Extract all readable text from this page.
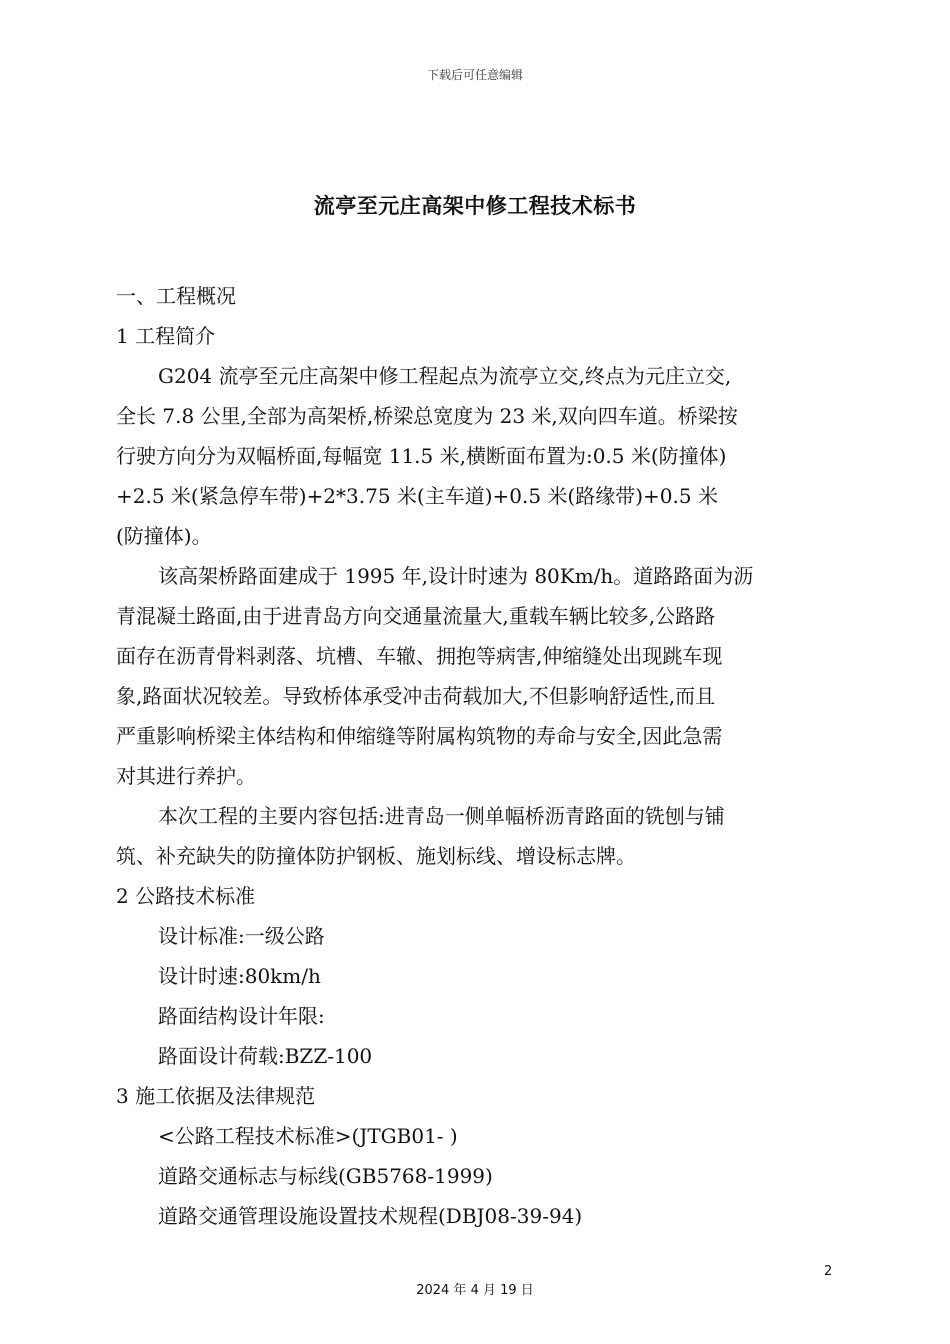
下载后可任意编辑
流亭至元庄高架中修工程技术标书
一、工程概况
1 工程简介
G204 流亭至元庄高架中修工程起点为流亭立交,终点为元庄立交,
全长 7.8 公里,全部为高架桥,桥梁总宽度为 23 米,双向四车道。桥梁按
行驶方向分为双幅桥面,每幅宽 11.5 米,横断面布置为:0.5 米(防撞体)
+2.5 米(紧急停车带)+2*3.75 米(主车道)+0.5 米(路缘带)+0.5 米
(防撞体)。
该高架桥路面建成于 1995 年,设计时速为 80Km/h。道路路面为沥
青混凝土路面,由于进青岛方向交通量流量大,重载车辆比较多,公路路
面存在沥青骨料剥落、坑槽、车辙、拥抱等病害,伸缩缝处出现跳车现
象,路面状况较差。导致桥体承受冲击荷载加大,不但影响舒适性,而且
严重影响桥梁主体结构和伸缩缝等附属构筑物的寿命与安全,因此急需
对其进行养护。
本次工程的主要内容包括:进青岛一侧单幅桥沥青路面的铣刨与铺
筑、补充缺失的防撞体防护钢板、施划标线、增设标志牌。
2 公路技术标准
设计标准:一级公路
设计时速:80km/h
路面结构设计年限:
路面设计荷载:BZZ-100
3 施工依据及法律规范
<公路工程技术标准>(JTGB01- )
道路交通标志与标线(GB5768-1999)
道路交通管理设施设置技术规程(DBJ08-39-94)
2
2024 年 4 月 19 日
